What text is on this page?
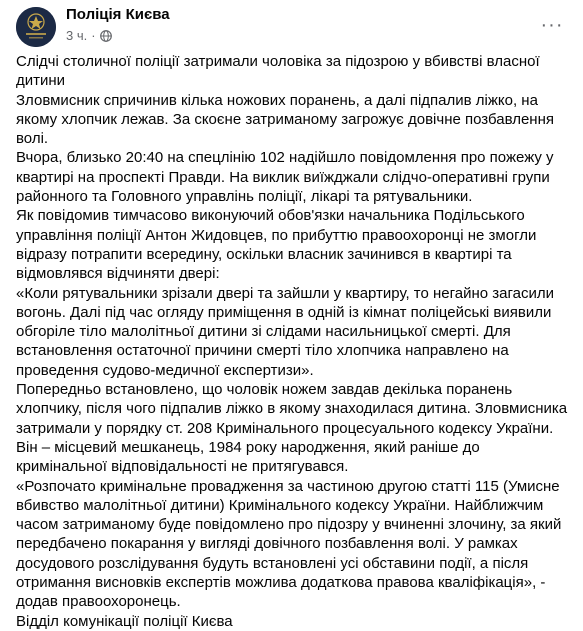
Поліція Києва
3 ч. ·	···

Слідчі столичної поліції затримали чоловіка за підозрою у вбивстві власної дитини

Зловмисник спричинив кілька ножових поранень, а далі підпалив ліжко, на якому хлопчик лежав. За скоєне затриманому загрожує довічне позбавлення волі.

Вчора, близько 20:40 на спецлінію 102 надійшло повідомлення про пожежу у квартирі на проспекті Правди. На виклик виїжджали слідчо-оперативні групи районного та Головного управлінь поліції, лікарі та рятувальники.

Як повідомив тимчасово виконуючий обов'язки начальника Подільського управління поліції Антон Жидовцев, по прибуттю правоохоронці не змогли відразу потрапити всередину, оскільки власник зачинився в квартирі та відмовлявся відчиняти двері:

«Коли рятувальники зрізали двері та зайшли у квартиру, то негайно загасили вогонь. Далі під час огляду приміщення в одній із кімнат поліцейські виявили обгоріле тіло малолітньої дитини зі слідами насильницької смерті. Для встановлення остаточної причини смерті тіло хлопчика направлено на проведення судово-медичної експертизи».

Попередньо встановлено, що чоловік ножем завдав декілька поранень хлопчику, після чого підпалив ліжко в якому знаходилася дитина. Зловмисника затримали у порядку ст. 208 Кримінального процесуального кодексу України. Він – місцевий мешканець, 1984 року народження, який раніше до кримінальної відповідальності не притягувався.

«Розпочато кримінальне провадження за частиною другою статті 115 (Умисне вбивство малолітньої дитини) Кримінального кодексу України. Найближчим часом затриманому буде повідомлено про підозру у вчиненні злочину, за який передбачено покарання у вигляді довічного позбавлення волі. У рамках досудового розслідування будуть встановлені усі обставини події, а після отримання висновків експертів можлива додаткова правова кваліфікація», - додав правоохоронець.

Відділ комунікації поліції Києва
